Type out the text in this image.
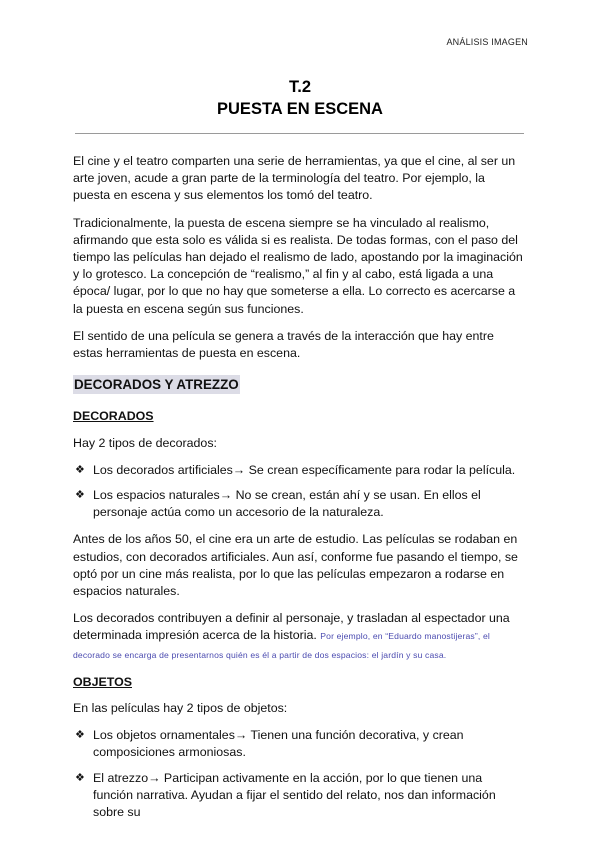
ANÁLISIS IMAGEN
T.2
PUESTA EN ESCENA

El cine y el teatro comparten una serie de herramientas, ya que el cine, al ser un arte joven, acude a gran parte de la terminología del teatro. Por ejemplo, la puesta en escena y sus elementos los tomó del teatro.

Tradicionalmente, la puesta de escena siempre se ha vinculado al realismo, afirmando que esta solo es válida si es realista. De todas formas, con el paso del tiempo las películas han dejado el realismo de lado, apostando por la imaginación y lo grotesco. La concepción de “realismo,” al fin y al cabo, está ligada a una época/ lugar, por lo que no hay que someterse a ella. Lo correcto es acercarse a la puesta en escena según sus funciones.

El sentido de una película se genera a través de la interacción que hay entre estas herramientas de puesta en escena.

DECORADOS Y ATREZZO
DECORADOS

Hay 2 tipos de decorados:

❖ Los decorados artificiales→ Se crean específicamente para rodar la película.
❖ Los espacios naturales→ No se crean, están ahí y se usan. En ellos el personaje actúa como un accesorio de la naturaleza.

Antes de los años 50, el cine era un arte de estudio. Las películas se rodaban en estudios, con decorados artificiales. Aun así, conforme fue pasando el tiempo, se optó por un cine más realista, por lo que las películas empezaron a rodarse en espacios naturales.

Los decorados contribuyen a definir al personaje, y trasladan al espectador una determinada impresión acerca de la historia. Por ejemplo, en “Eduardo manostijeras”, el decorado se encarga de presentarnos quién es él a partir de dos espacios: el jardín y su casa.

OBJETOS

En las películas hay 2 tipos de objetos:

❖ Los objetos ornamentales→ Tienen una función decorativa, y crean composiciones armoniosas.
❖ El atrezzo→ Participan activamente en la acción, por lo que tienen una función narrativa. Ayudan a fijar el sentido del relato, nos dan información sobre su
